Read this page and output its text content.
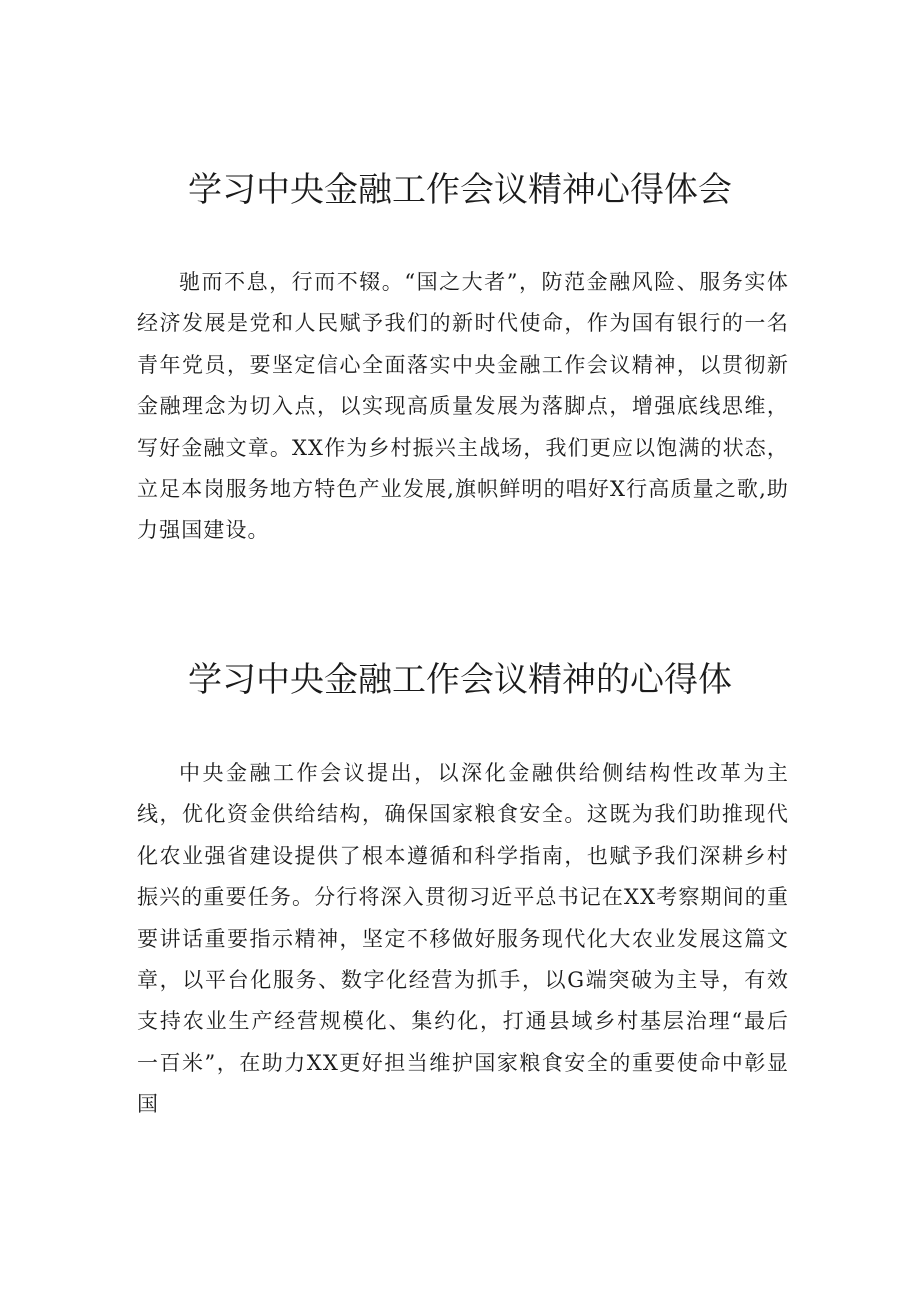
学习中央金融工作会议精神心得体会

驰而不息，行而不辍。“国之大者”，防范金融风险、服务实体经济发展是党和人民赋予我们的新时代使命，作为国有银行的一名青年党员，要坚定信心全面落实中央金融工作会议精神，以贯彻新金融理念为切入点，以实现高质量发展为落脚点，增强底线思维，写好金融文章。XX作为乡村振兴主战场，我们更应以饱满的状态，立足本岗服务地方特色产业发展,旗帜鲜明的唱好X行高质量之歌,助力强国建设。

学习中央金融工作会议精神的心得体

中央金融工作会议提出，以深化金融供给侧结构性改革为主线，优化资金供给结构，确保国家粮食安全。这既为我们助推现代化农业强省建设提供了根本遵循和科学指南，也赋予我们深耕乡村振兴的重要任务。分行将深入贯彻习近平总书记在XX考察期间的重要讲话重要指示精神，坚定不移做好服务现代化大农业发展这篇文章，以平台化服务、数字化经营为抓手，以G端突破为主导，有效支持农业生产经营规模化、集约化，打通县域乡村基层治理“最后一百米”，在助力XX更好担当维护国家粮食安全的重要使命中彰显国
